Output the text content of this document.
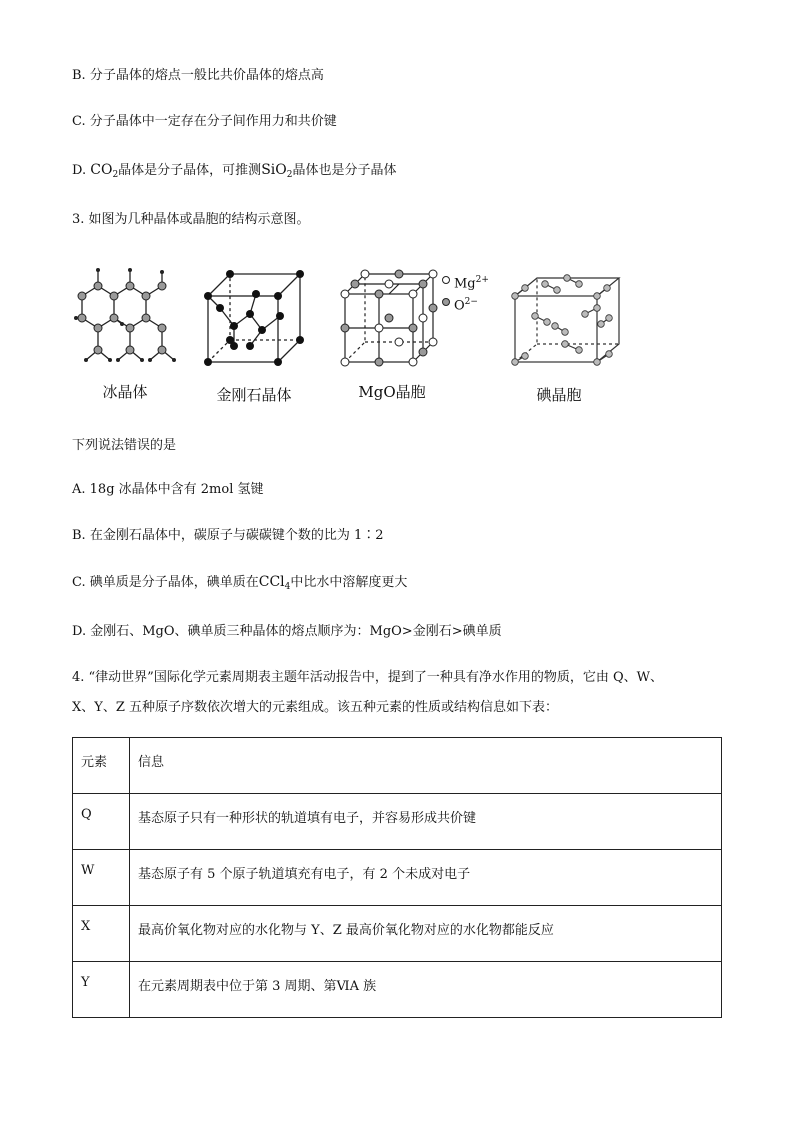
B. 分子晶体的熔点一般比共价晶体的熔点高
C. 分子晶体中一定存在分子间作用力和共价键
D. $CO_2$晶体是分子晶体，可推测SiO$_2$晶体也是分子晶体
3. 如图为几种晶体或晶胞的结构示意图。
冰晶体	金刚石晶体
$Mg^{2+}$
$O^{2-}$
MgO晶胞	碘晶胞
下列说法错误的是
A. 18g 冰晶体中含有 2mol 氢键
B. 在金刚石晶体中，碳原子与碳碳键个数的比为 1∶2
C. 碘单质是分子晶体，碘单质在CCl$_4$中比水中溶解度更大
D. 金刚石、MgO、碘单质三种晶体的熔点顺序为：MgO>金刚石>碘单质
4. “律动世界”国际化学元素周期表主题年活动报告中，提到了一种具有净水作用的物质，它由 Q、W、
X、Y、Z 五种原子序数依次增大的元素组成。该五种元素的性质或结构信息如下表：
元素	信息
Q	基态原子只有一种形状的轨道填有电子，并容易形成共价键
W	基态原子有 5 个原子轨道填充有电子，有 2 个未成对电子
X	最高价氧化物对应的水化物与 Y、Z 最高价氧化物对应的水化物都能反应
Y	在元素周期表中位于第 3 周期、第ⅥA 族
